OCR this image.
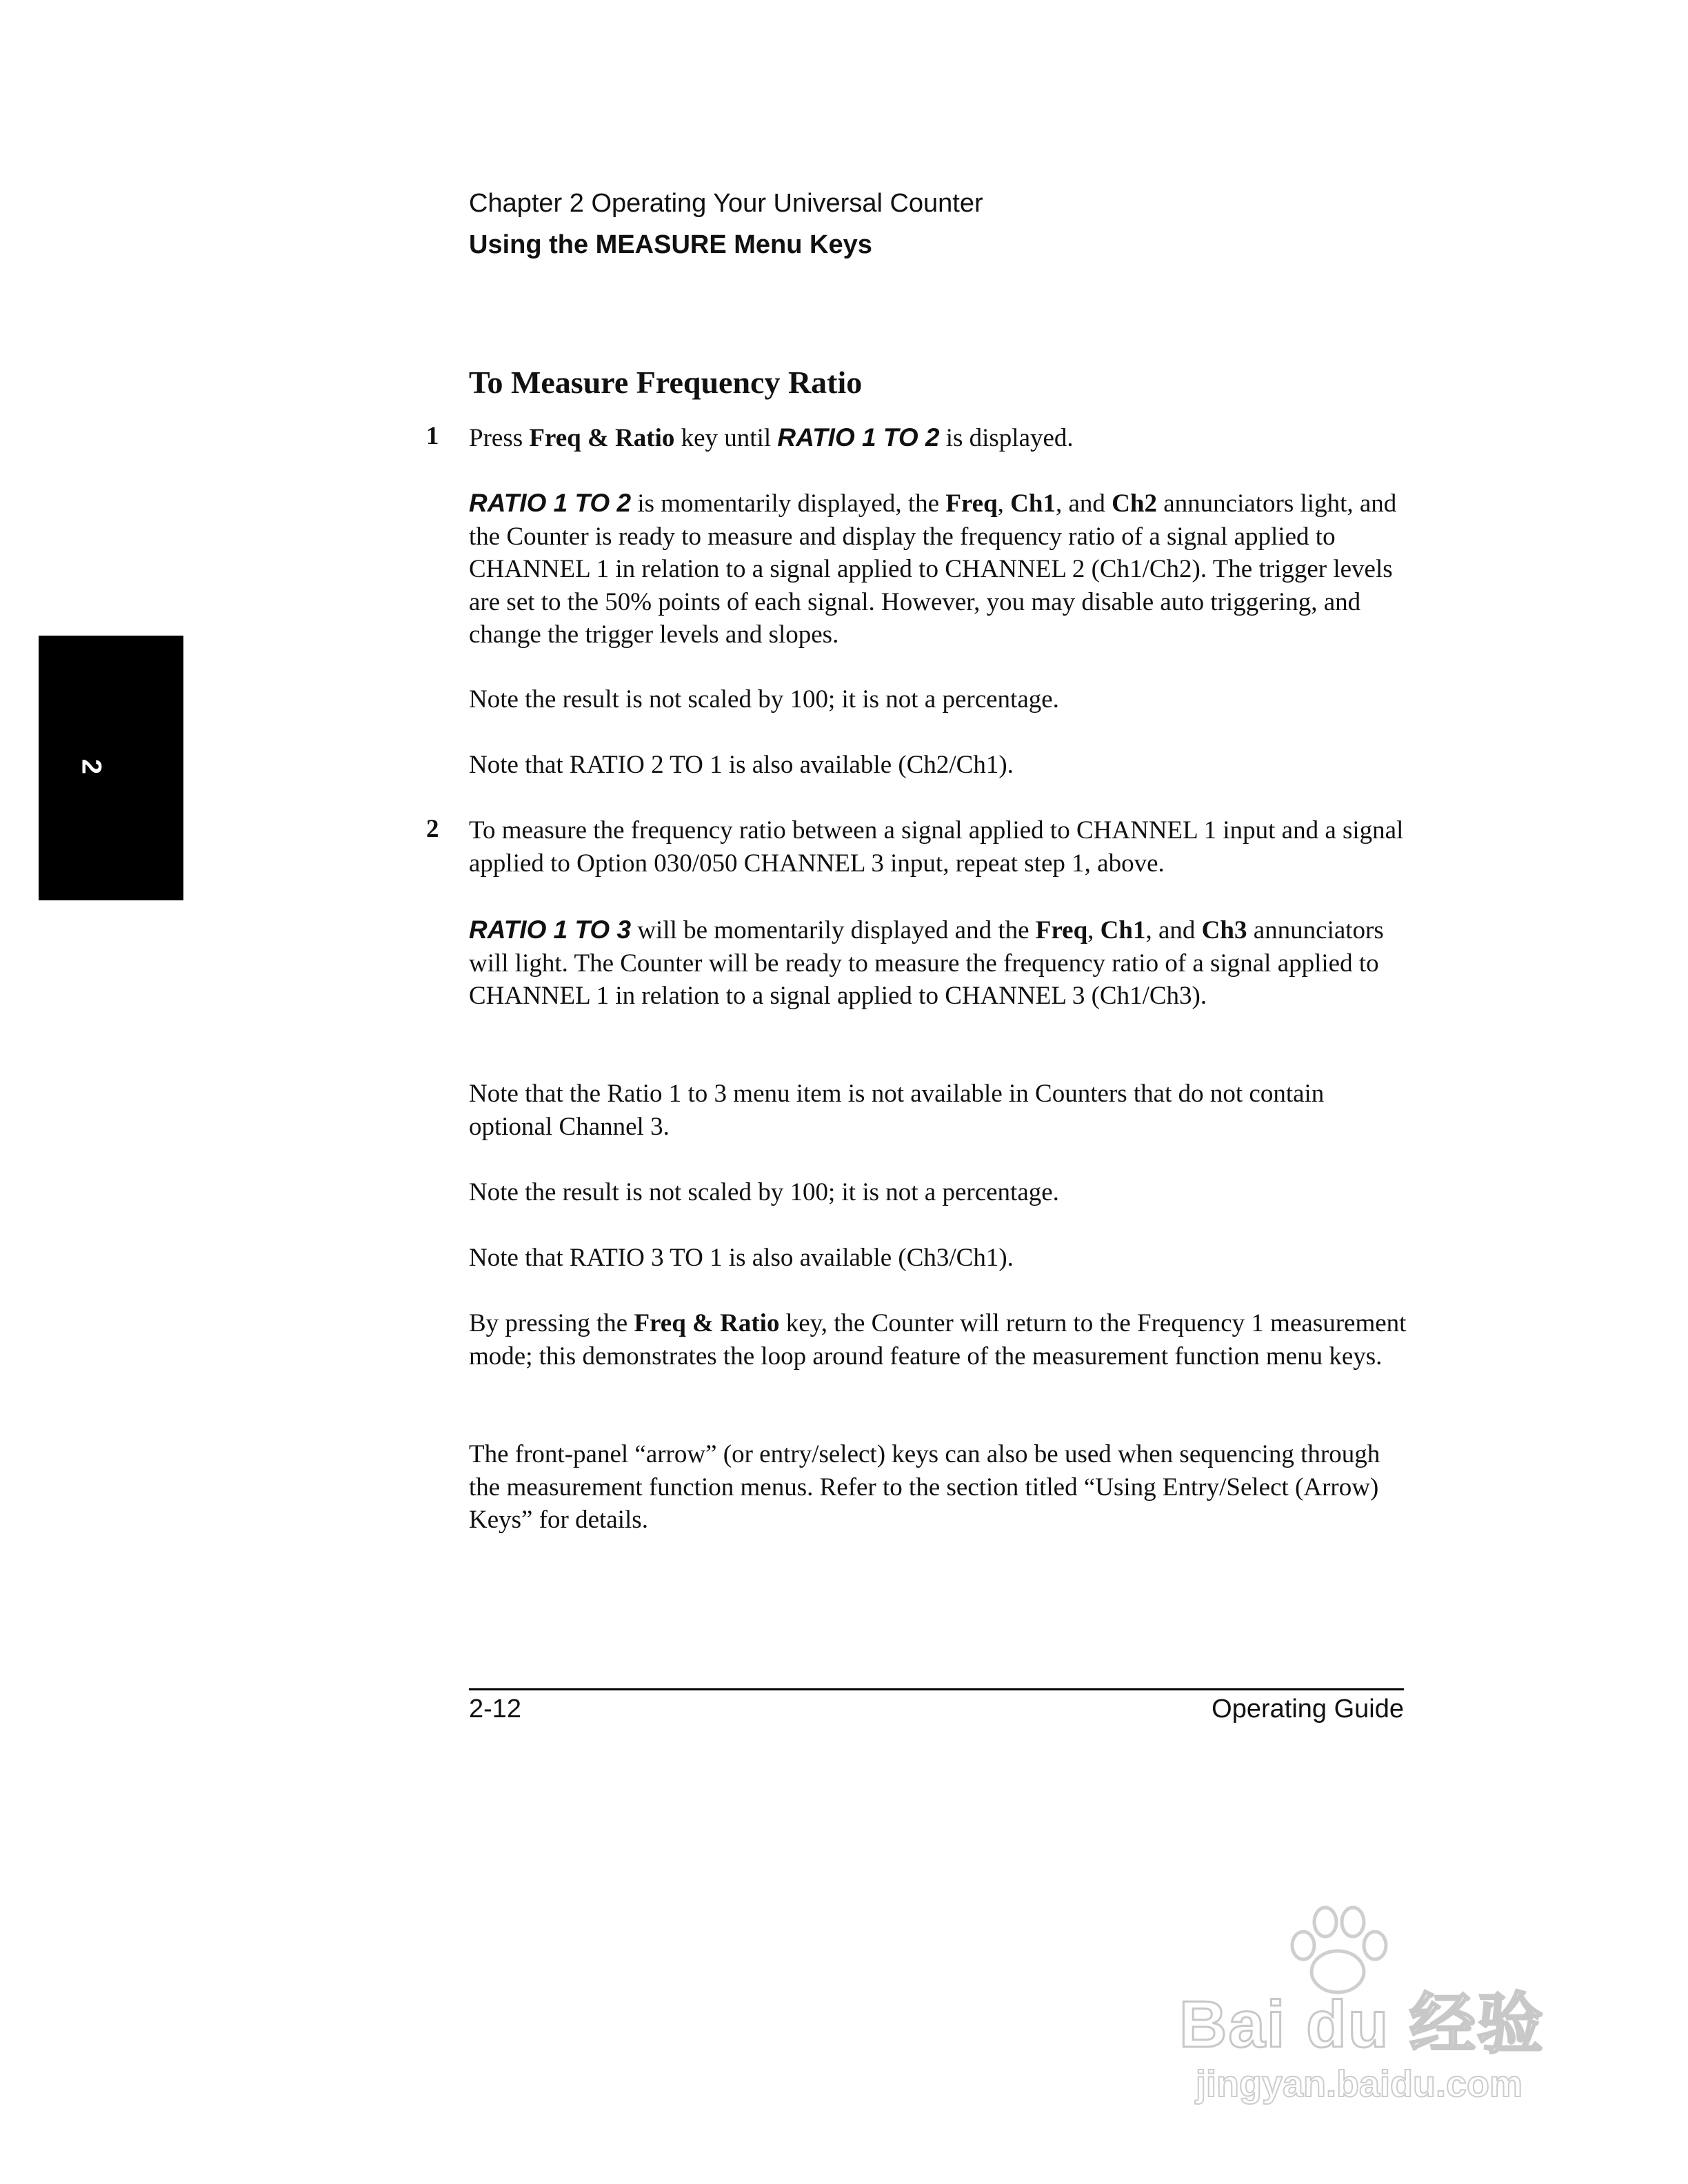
Chapter 2 Operating Your Universal Counter
Using the MEASURE Menu Keys
2
To Measure Frequency Ratio
1 Press Freq & Ratio key until RATIO 1 TO 2 is displayed.

RATIO 1 TO 2 is momentarily displayed, the Freq, Ch1, and Ch2 annunciators light, and the Counter is ready to measure and display the frequency ratio of a signal applied to CHANNEL 1 in relation to a signal applied to CHANNEL 2 (Ch1/Ch2). The trigger levels are set to the 50% points of each signal. However, you may disable auto triggering, and change the trigger levels and slopes.

Note the result is not scaled by 100; it is not a percentage.

Note that RATIO 2 TO 1 is also available (Ch2/Ch1).

2 To measure the frequency ratio between a signal applied to CHANNEL 1 input and a signal applied to Option 030/050 CHANNEL 3 input, repeat step 1, above.

RATIO 1 TO 3 will be momentarily displayed and the Freq, Ch1, and Ch3 annunciators will light. The Counter will be ready to measure the frequency ratio of a signal applied to CHANNEL 1 in relation to a signal applied to CHANNEL 3 (Ch1/Ch3).

Note that the Ratio 1 to 3 menu item is not available in Counters that do not contain optional Channel 3.

Note the result is not scaled by 100; it is not a percentage.

Note that RATIO 3 TO 1 is also available (Ch3/Ch1).

By pressing the Freq & Ratio key, the Counter will return to the Frequency 1 measurement mode; this demonstrates the loop around feature of the measurement function menu keys.

The front-panel “arrow” (or entry/select) keys can also be used when sequencing through the measurement function menus. Refer to the section titled “Using Entry/Select (Arrow) Keys” for details.

2-12	Operating Guide
Bai du 经验
jingyan.baidu.com
